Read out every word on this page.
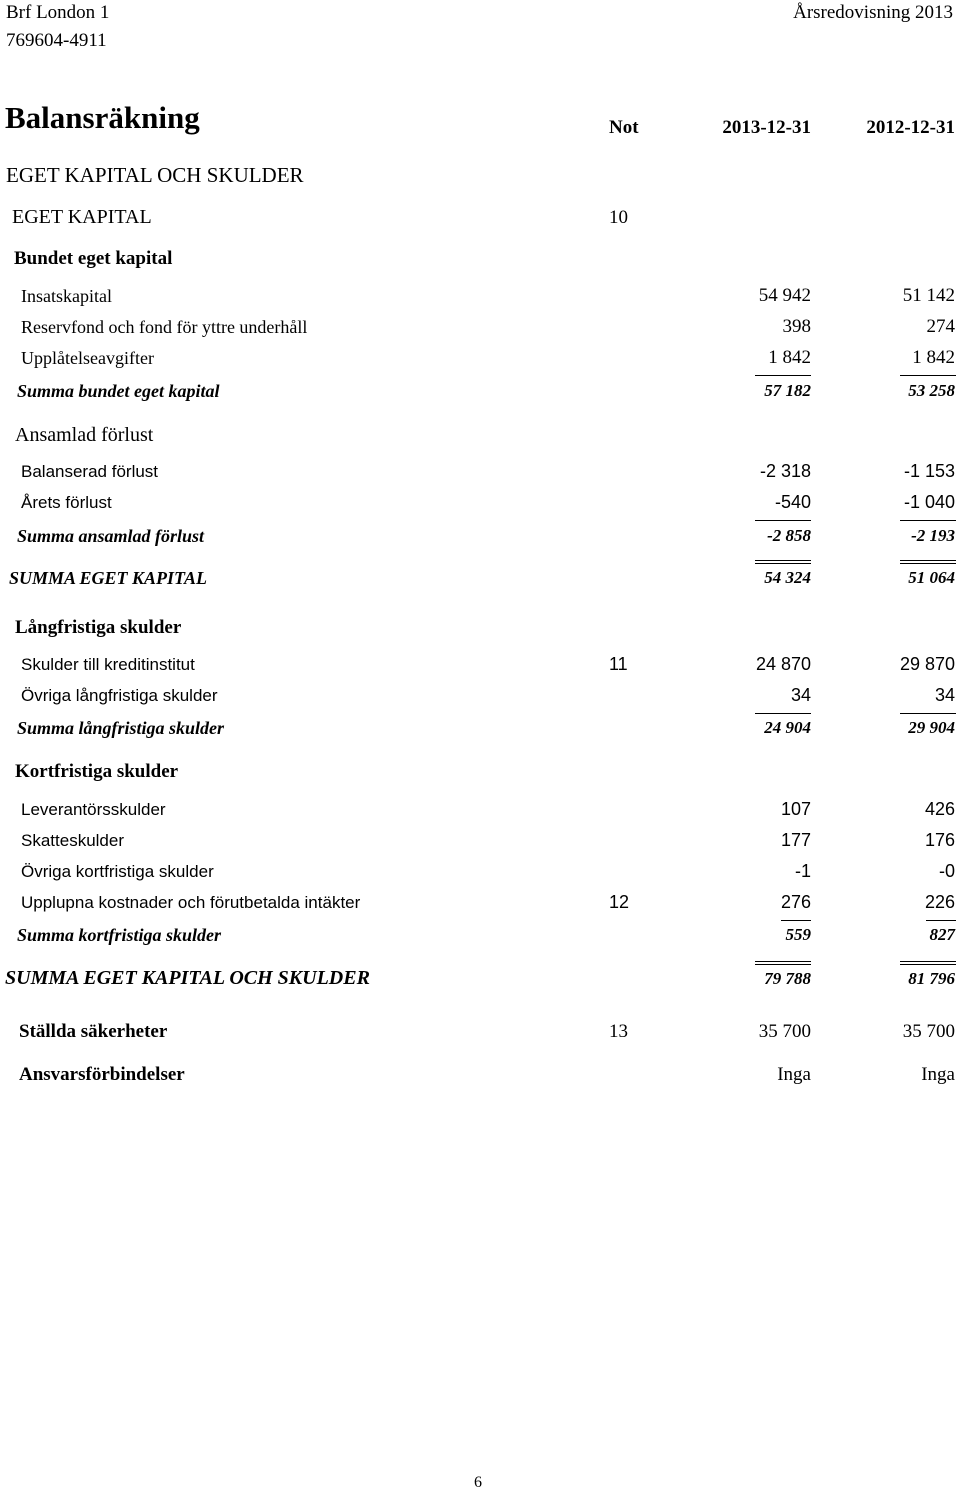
Brf London 1
769604-4911
Årsredovisning 2013
Balansräkning	Not	2013-12-31	2012-12-31
EGET KAPITAL OCH SKULDER
EGET KAPITAL	10
Bundet eget kapital
Insatskapital	54 942	51 142
Reservfond och fond för yttre underhåll	398	274
Upplåtelseavgifter	1 842	1 842
Summa bundet eget kapital	57 182	53 258
Ansamlad förlust
Balanserad förlust	-2 318	-1 153
Årets förlust	-540	-1 040
Summa ansamlad förlust	-2 858	-2 193
SUMMA EGET KAPITAL	54 324	51 064
Långfristiga skulder
Skulder till kreditinstitut	11	24 870	29 870
Övriga långfristiga skulder	34	34
Summa långfristiga skulder	24 904	29 904
Kortfristiga skulder
Leverantörsskulder	107	426
Skatteskulder	177	176
Övriga kortfristiga skulder	-1	-0
Upplupna kostnader och förutbetalda intäkter	12	276	226
Summa kortfristiga skulder	559	827
SUMMA EGET KAPITAL OCH SKULDER	79 788	81 796
Ställda säkerheter	13	35 700	35 700
Ansvarsförbindelser	Inga	Inga
6
